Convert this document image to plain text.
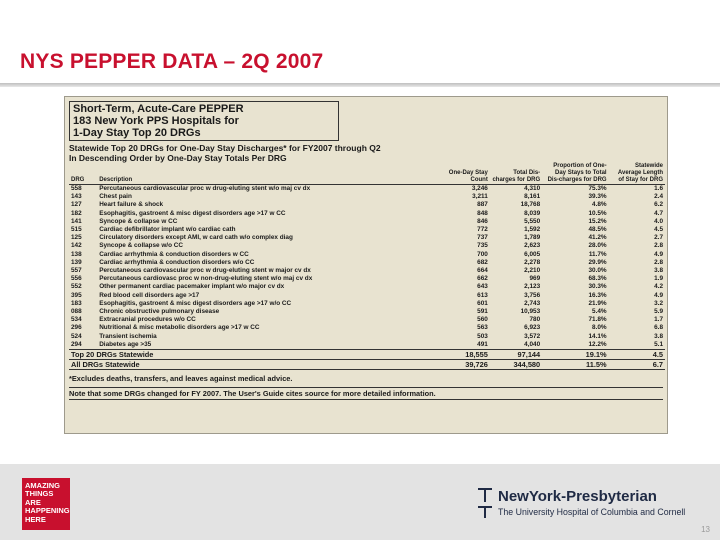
NYS PEPPER DATA – 2Q 2007
Short-Term, Acute-Care PEPPER
183 New York PPS Hospitals for
1-Day Stay Top 20 DRGs
Statewide Top 20 DRGs for One-Day Stay Discharges* for FY2007 through Q2
In Descending Order by One-Day Stay Totals Per DRG
DRG	Description	One-Day Stay Count	Total Dis-charges for DRG	Proportion of One-Day Stays to Total Dis-charges for DRG	Statewide Average Length of Stay for DRG
558	Percutaneous cardiovascular proc w drug-eluting stent w/o maj cv dx	3,246	4,310	75.3%	1.6
143	Chest pain	3,211	8,161	39.3%	2.4
127	Heart failure & shock	887	18,768	4.8%	6.2
182	Esophagitis, gastroent & misc digest disorders age >17 w CC	848	8,039	10.5%	4.7
141	Syncope & collapse w CC	846	5,550	15.2%	4.0
515	Cardiac defibrillator implant w/o cardiac cath	772	1,592	48.5%	4.5
125	Circulatory disorders except AMI, w card cath w/o complex diag	737	1,789	41.2%	2.7
142	Syncope & collapse w/o CC	735	2,623	28.0%	2.8
138	Cardiac arrhythmia & conduction disorders w CC	700	6,005	11.7%	4.9
139	Cardiac arrhythmia & conduction disorders w/o CC	682	2,278	29.9%	2.8
557	Percutaneous cardiovascular proc w drug-eluting stent w major cv dx	664	2,210	30.0%	3.8
556	Percutaneous cardiovasc proc w non-drug-eluting stent w/o maj cv dx	662	969	68.3%	1.9
552	Other permanent cardiac pacemaker implant w/o major cv dx	643	2,123	30.3%	4.2
395	Red blood cell disorders age >17	613	3,756	16.3%	4.9
183	Esophagitis, gastroent & misc digest disorders age >17 w/o CC	601	2,743	21.9%	3.2
088	Chronic obstructive pulmonary disease	591	10,953	5.4%	5.9
534	Extracranial procedures w/o CC	560	780	71.8%	1.7
296	Nutritional & misc metabolic disorders age >17 w CC	563	6,923	8.0%	6.8
524	Transient ischemia	503	3,572	14.1%	3.8
294	Diabetes age >35	491	4,040	12.2%	5.1
Top 20 DRGs Statewide		18,555	97,144	19.1%	4.5
All DRGs Statewide		39,726	344,580	11.5%	6.7
*Excludes deaths, transfers, and leaves against medical advice.
Note that some DRGs changed for FY 2007. The User's Guide cites source for more detailed information.
AMAZING
THINGS
ARE
HAPPENING
HERE
NewYork-Presbyterian
The University Hospital of Columbia and Cornell
13
